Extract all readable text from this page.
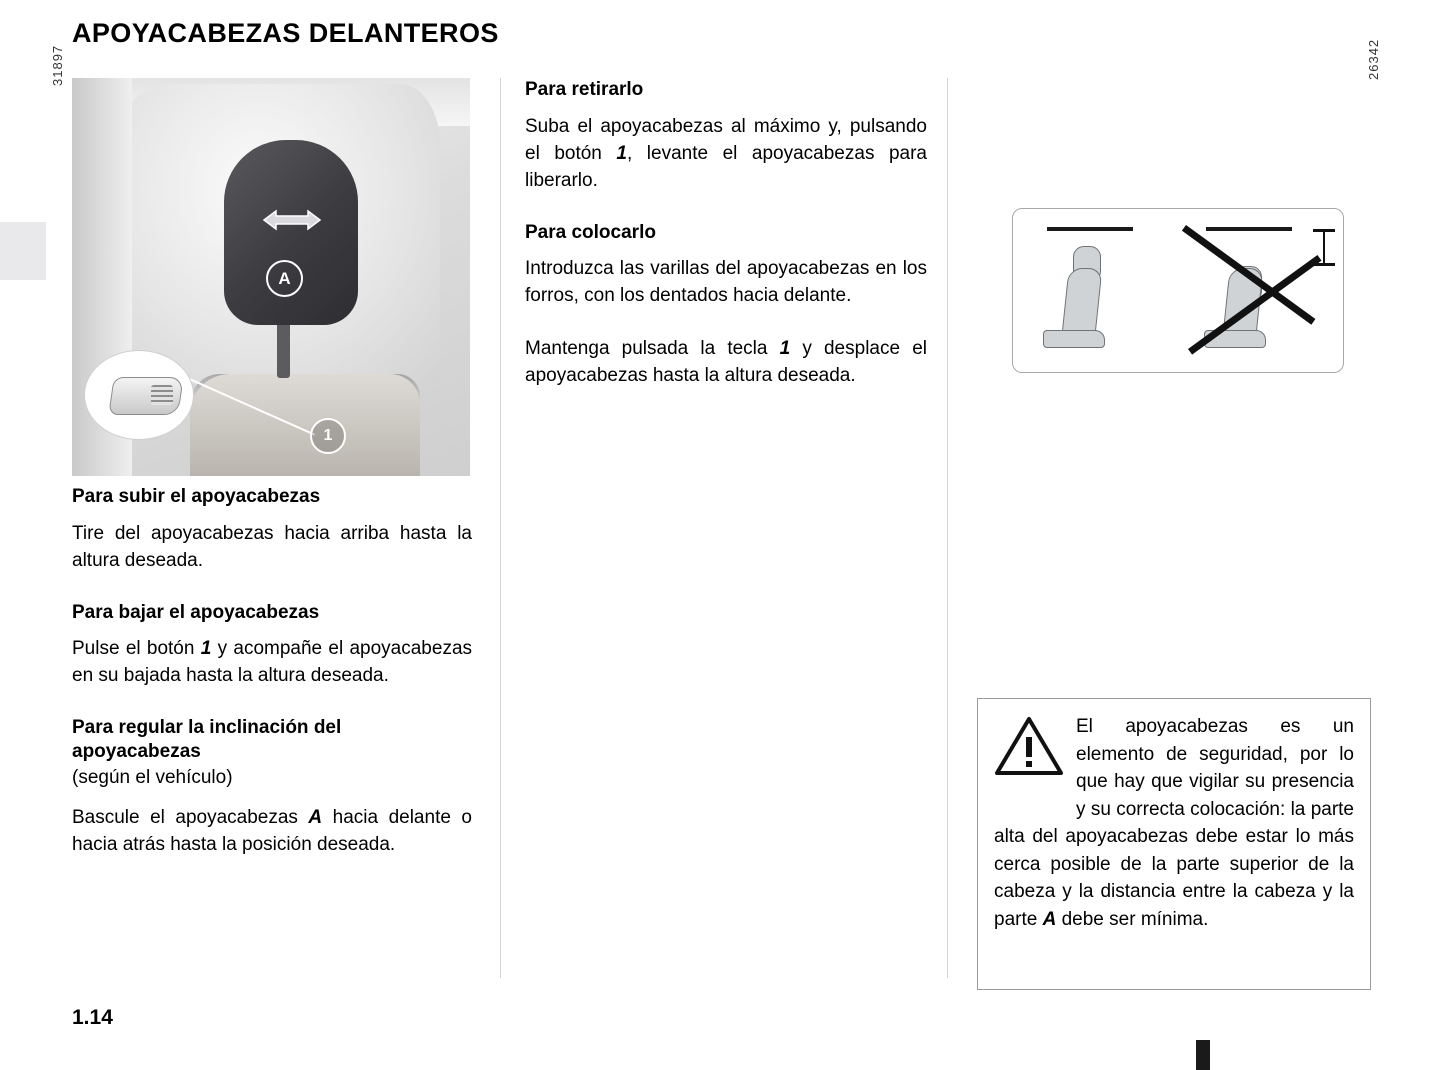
APOYACABEZAS DELANTEROS
31897
A
1
Para subir el apoyacabezas

Tire del apoyacabezas hacia arriba hasta la altura deseada.

Para bajar el apoyacabezas

Pulse el botón 1 y acompañe el apoyacabezas en su bajada hasta la altura deseada.

Para regular la inclinación del apoyacabezas
(según el vehículo)

Bascule el apoyacabezas A hacia delante o hacia atrás hasta la posición deseada.

Para retirarlo

Suba el apoyacabezas al máximo y, pulsando el botón 1, levante el apoyacabezas para liberarlo.

Para colocarlo

Introduzca las varillas del apoyacabezas en los forros, con los dentados hacia delante.

Mantenga pulsada la tecla 1 y desplace el apoyacabezas hasta la altura deseada.

26342
El apoyacabezas es un elemento de seguridad, por lo que hay que vigilar su presencia y su correcta colocación: la parte alta del apoyacabezas debe estar lo más cerca posible de la parte superior de la cabeza y la distancia entre la cabeza y la parte A debe ser mínima.
1.14
